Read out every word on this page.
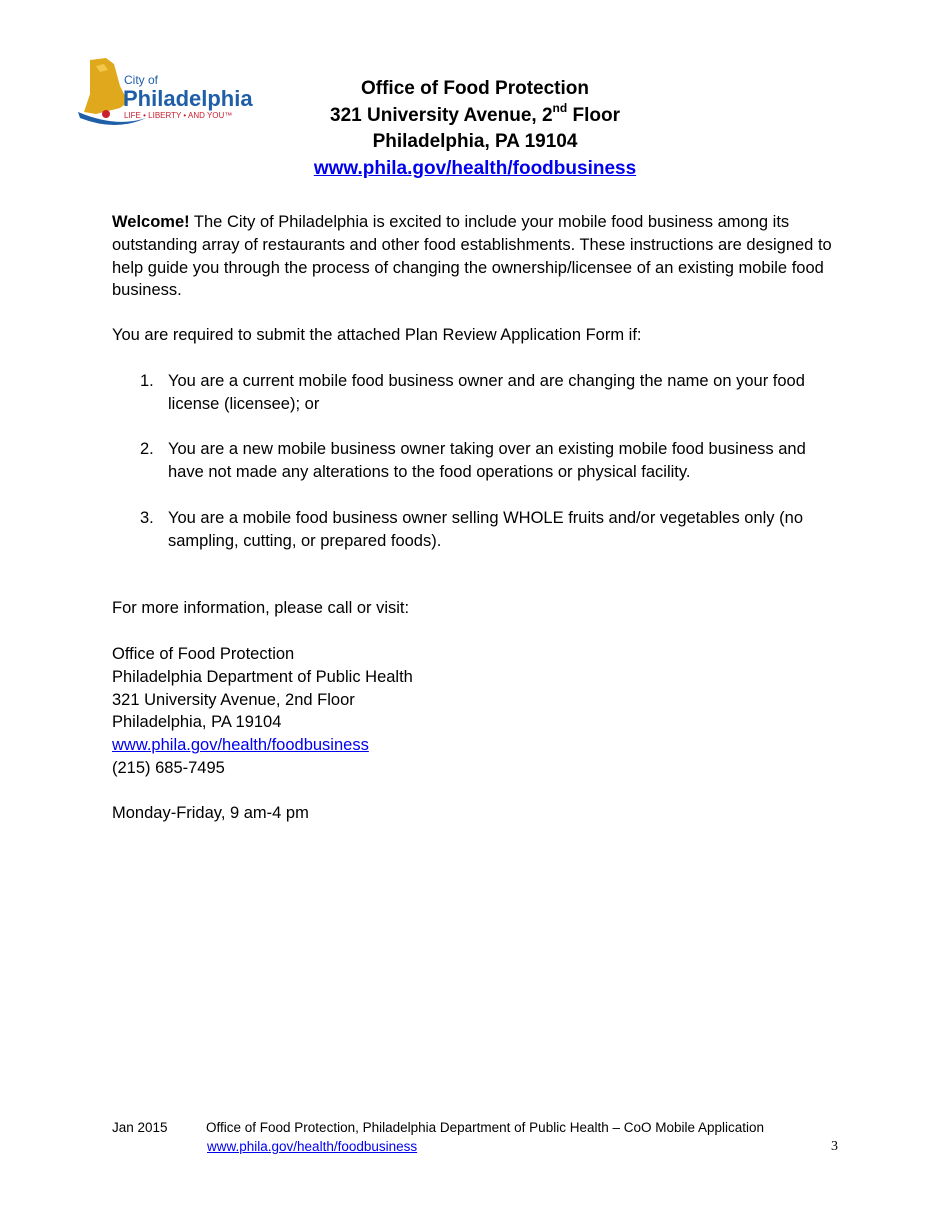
City of
Philadelphia
LIFE • LIBERTY • AND YOU™
Office of Food Protection
321 University Avenue, 2nd Floor
Philadelphia, PA 19104
www.phila.gov/health/foodbusiness
Welcome! The City of Philadelphia is excited to include your mobile food business among its outstanding array of restaurants and other food establishments. These instructions are designed to help guide you through the process of changing the ownership/licensee of an existing mobile food business.
You are required to submit the attached Plan Review Application Form if:
1. You are a current mobile food business owner and are changing the name on your food license (licensee); or
2. You are a new mobile business owner taking over an existing mobile food business and have not made any alterations to the food operations or physical facility.
3. You are a mobile food business owner selling WHOLE fruits and/or vegetables only (no sampling, cutting, or prepared foods).
For more information, please call or visit:
Office of Food Protection
Philadelphia Department of Public Health
321 University Avenue, 2nd Floor
Philadelphia, PA 19104
www.phila.gov/health/foodbusiness
(215) 685-7495
Monday-Friday, 9 am-4 pm
Jan 2015	Office of Food Protection, Philadelphia Department of Public Health – CoO Mobile Application
www.phila.gov/health/foodbusiness	3
